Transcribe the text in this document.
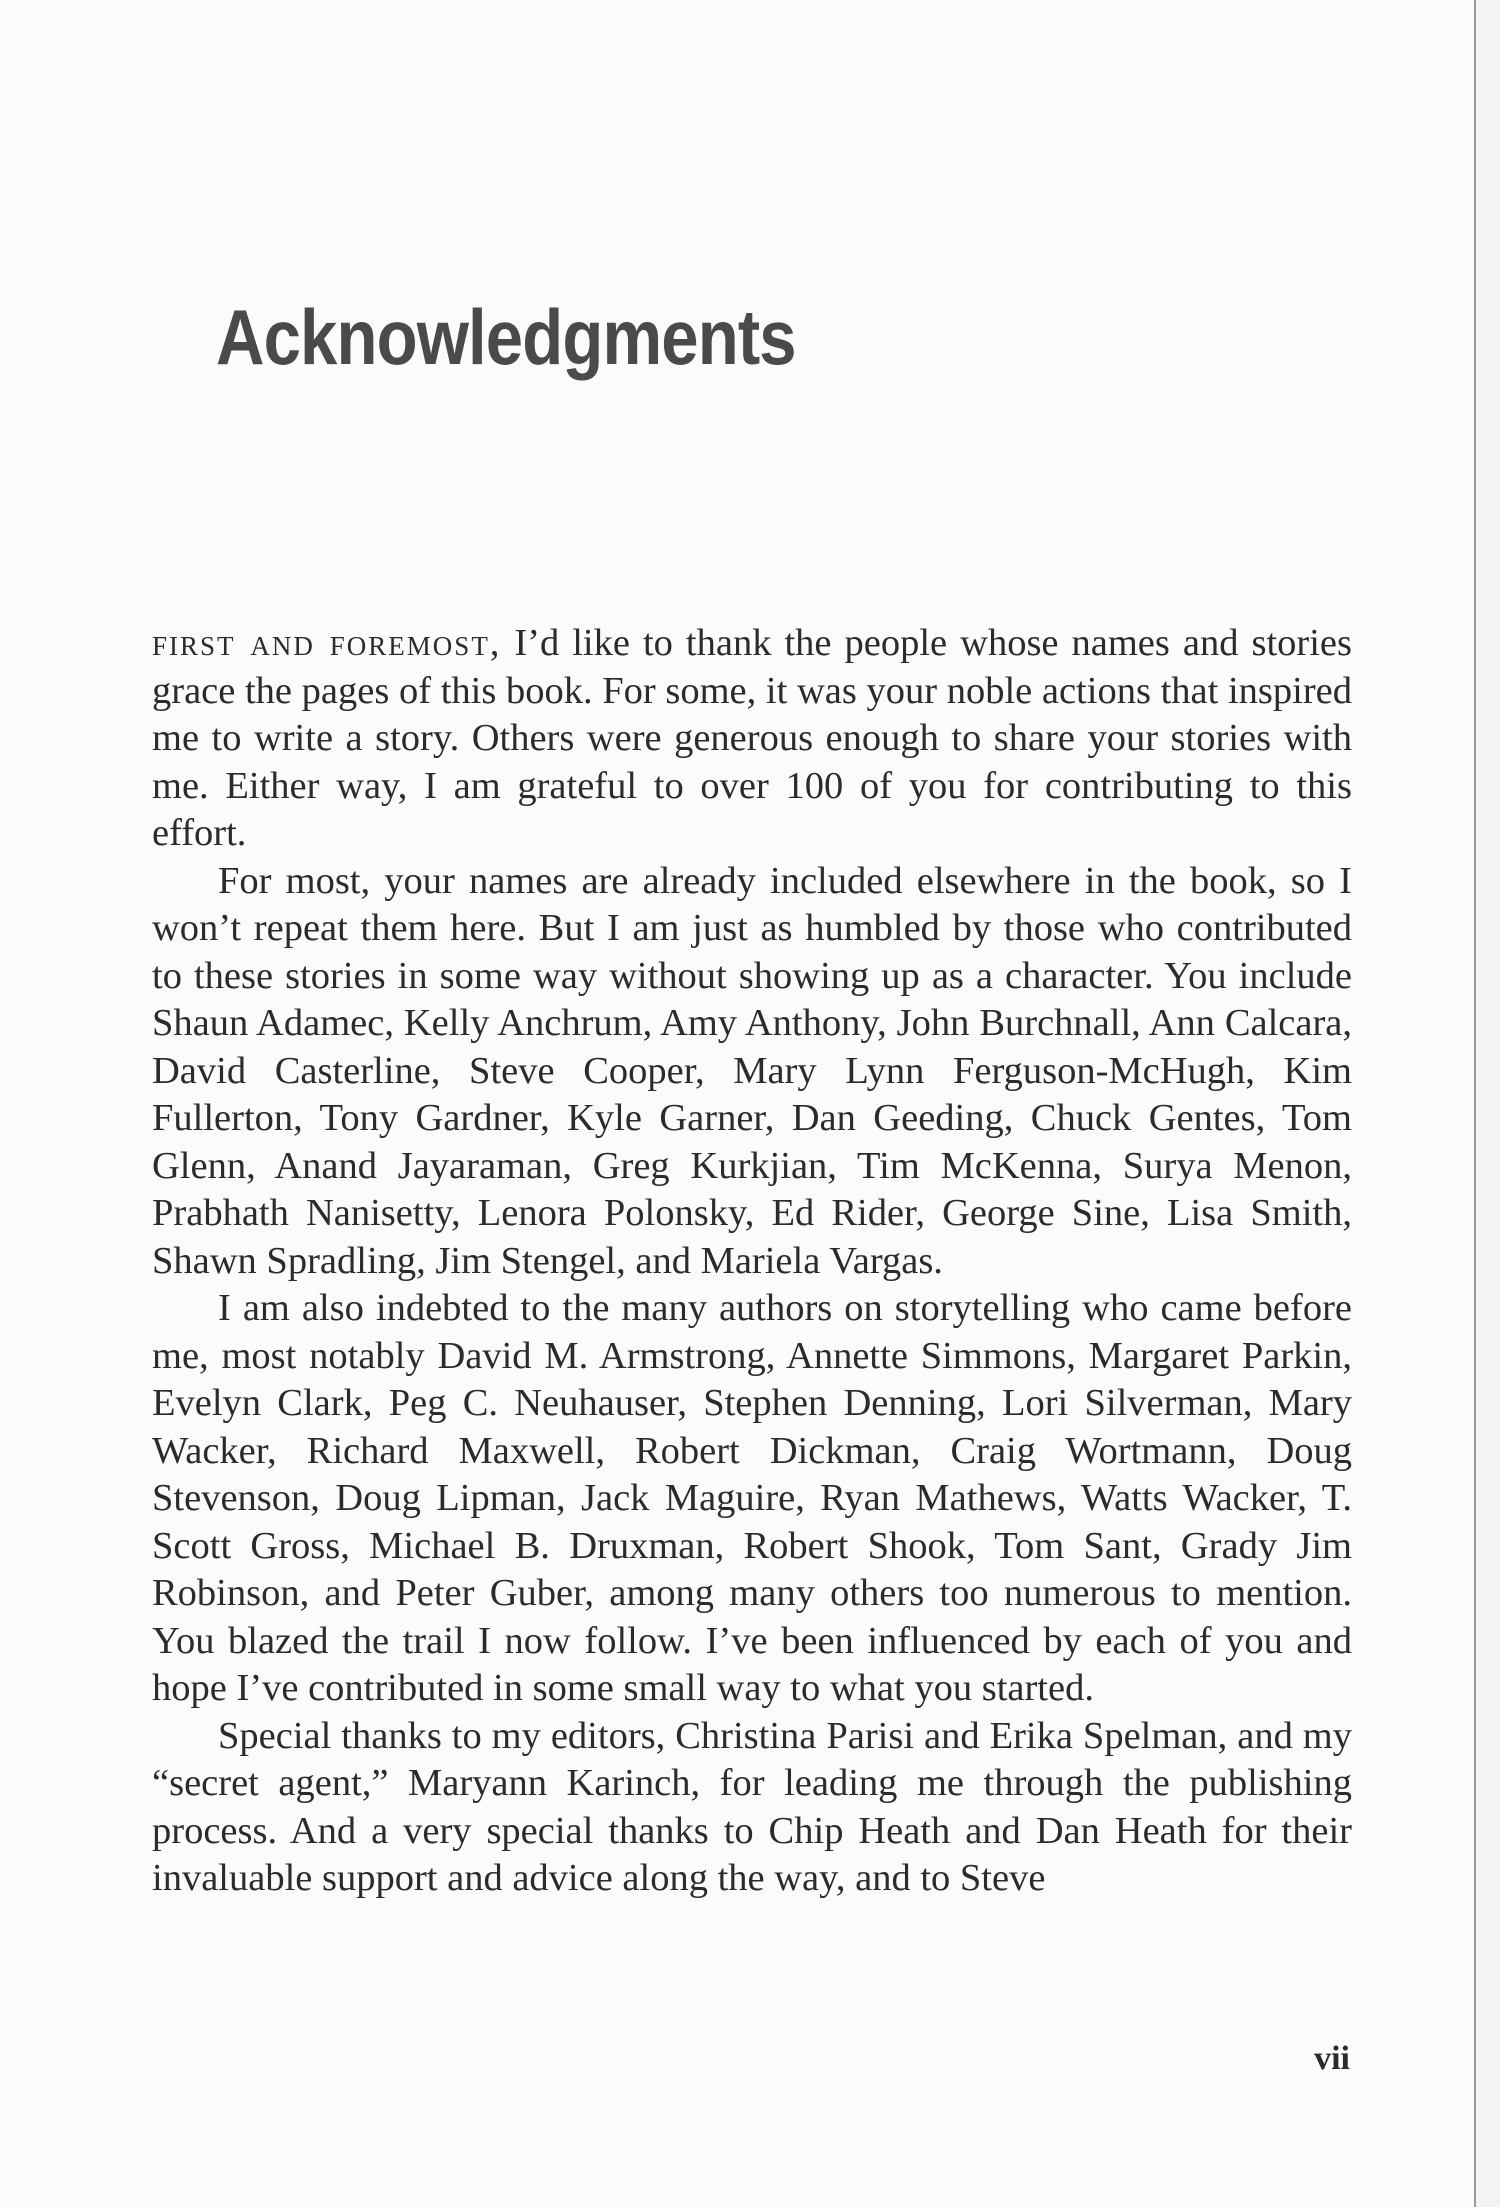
Acknowledgments

first and foremost, I’d like to thank the people whose names and stories grace the pages of this book. For some, it was your noble actions that inspired me to write a story. Others were generous enough to share your stories with me. Either way, I am grateful to over 100 of you for contributing to this effort.

For most, your names are already included elsewhere in the book, so I won’t repeat them here. But I am just as humbled by those who contributed to these stories in some way without showing up as a character. You include Shaun Adamec, Kelly Anchrum, Amy Anthony, John Burchnall, Ann Calcara, David Casterline, Steve Cooper, Mary Lynn Ferguson-McHugh, Kim Fullerton, Tony Gardner, Kyle Garner, Dan Geeding, Chuck Gentes, Tom Glenn, Anand Jayaraman, Greg Kurkjian, Tim McKenna, Surya Menon, Prabhath Nanisetty, Lenora Polonsky, Ed Rider, George Sine, Lisa Smith, Shawn Spradling, Jim Stengel, and Mariela Vargas.

I am also indebted to the many authors on storytelling who came before me, most notably David M. Armstrong, Annette Simmons, Margaret Parkin, Evelyn Clark, Peg C. Neuhauser, Stephen Denning, Lori Silverman, Mary Wacker, Richard Maxwell, Robert Dickman, Craig Wortmann, Doug Stevenson, Doug Lipman, Jack Maguire, Ryan Mathews, Watts Wacker, T. Scott Gross, Michael B. Druxman, Robert Shook, Tom Sant, Grady Jim Robinson, and Peter Guber, among many others too numerous to mention. You blazed the trail I now follow. I’ve been influenced by each of you and hope I’ve contributed in some small way to what you started.

Special thanks to my editors, Christina Parisi and Erika Spelman, and my “secret agent,” Maryann Karinch, for leading me through the publishing process. And a very special thanks to Chip Heath and Dan Heath for their invaluable support and advice along the way, and to Steve

vii
